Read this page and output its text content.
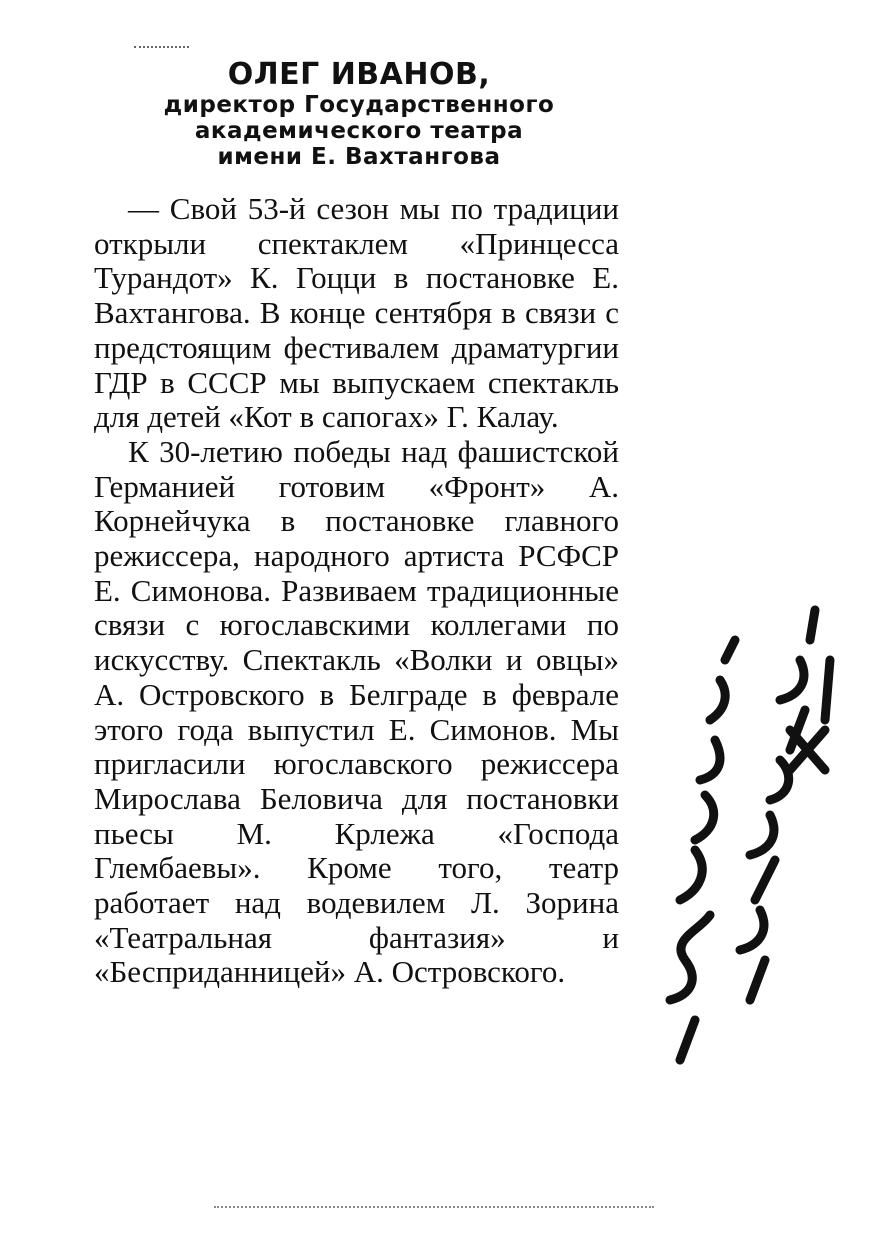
ОЛЕГ ИВАНОВ,
директор Государственного
академического театра
имени Е. Вахтангова

— Свой 53-й сезон мы по традиции открыли спектаклем «Принцесса Турандот» К. Гоцци в постановке Е. Вахтангова. В конце сентября в связи с предстоящим фестивалем драматургии ГДР в СССР мы выпускаем спектакль для детей «Кот в сапогах» Г. Калау.

К 30-летию победы над фашистской Германией готовим «Фронт» А. Корнейчука в постановке главного режиссера, народного артиста РСФСР Е. Симонова. Развиваем традиционные связи с югославскими коллегами по искусству. Спектакль «Волки и овцы» А. Островского в Белграде в феврале этого года выпустил Е. Симонов. Мы пригласили югославского режиссера Мирослава Беловича для постановки пьесы М. Крлежа «Господа Глембаевы». Кроме того, театр работает над водевилем Л. Зорина «Театральная фантазия» и «Бесприданницей» А. Островского.
